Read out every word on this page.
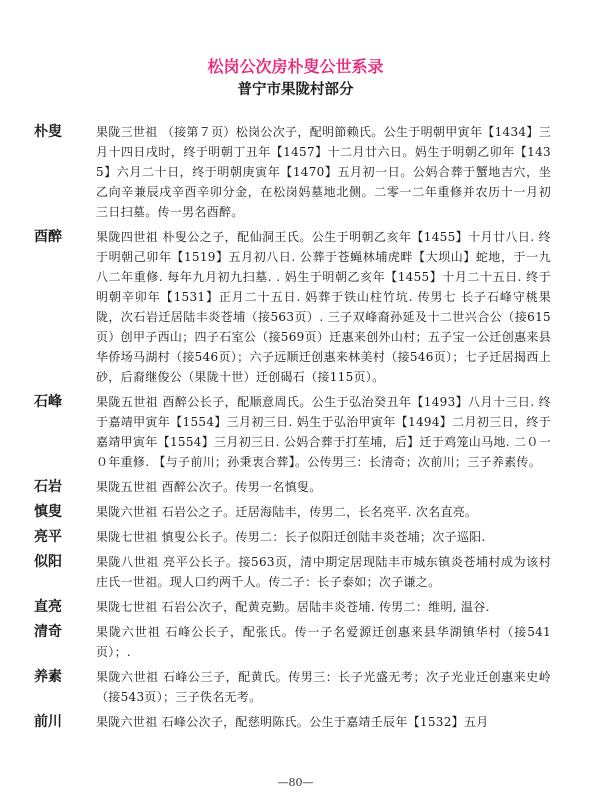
松岗公次房朴叟公世系录
普宁市果陇村部分
朴叟	果陇三世祖 （接第７页）松岗公次子，配明節赖氏。公生于明朝甲寅年【1434】三月十四日戌时，终于明朝丁丑年【1457】十二月廿六日。妈生于明朝乙卯年【1435】六月二十日，终于明朝庚寅年【1470】五月初一日。公妈合葬于蟹地吉穴，坐乙向辛兼辰戌辛酉辛卯分金，在松岗妈墓地北侧。二零一二年重修并农历十一月初三日扫墓。传一男名酉醉。
酉醉	果陇四世祖 朴叟公之子，配仙洞王氏。公生于明朝乙亥年【1455】十月廿八日. 终于明朝己卯年【1519】五月初八日. 公葬于苍蝇林埔虎畔【大坝山】蛇地，于一九 八二年重修. 每年九月初九扫墓. . 妈生于明朝乙亥年【1455】十月二十五日. 终于明朝辛卯年【1531】正月二十五日. 妈葬于铁山柱竹坑. 传男七 长子石峰守桃果陇，次石岩迁居陆丰炎苍埔（接563页）. 三子双峰裔孙延及十二世兴合公（接615页）创甲子西山；四子石室公（接569页）迁惠来创外山村；五子宝一公迁创惠来县华侨场马湖村（接546页）；六子远顺迁创惠来林美村（接546页）；七子迁居揭西上砂，后裔继俊公（果陇十世）迁创碣石（接115页）。
石峰	果陇五世祖 酉醉公长子，配顺意周氏。公生于弘治癸丑年【1493】八月十三日. 终于嘉靖甲寅年【1554】三月初三日. 妈生于弘治甲寅年【1494】二月初三日，终于嘉靖甲寅年【1554】三月初三日. 公妈合葬于打苼埔，后】迁于鸡笼山马地. 二０一０年重修. 【与子前川；孙秉衷合葬】。公传男三：长清奇；次前川；三子养素传。
石岩	果陇五世祖 酉醉公次子。传男一名慎叟。
慎叟	果陇六世祖 石岩公之子。迁居海陆丰，传男二，长名亮平. 次名直亮。
亮平	果陇七世祖 慎叟公长子。传男二：长子似阳迁创陆丰炎苍埔；次子巡阳.
似阳	果陇八世祖 亮平公长子。接563页，清中期定居现陆丰市城东镇炎苍埔村成为该村庄氏一世祖。现人口约两千人。传二子：长子泰如；次子谦之。
直亮	果陇七世祖 石岩公次子，配黄克勤。居陆丰炎苍埔. 传男二：维明, 温谷.
清奇	果陇六世祖 石峰公长子，配张氏。传一子名爱源迁创惠来县华湖镇华村（接541页）；.
养素	果陇六世祖 石峰公三子，配黄氏。传男三：长子光盛无考；次子光业迁创惠来史岭（接543页）；三子佚名无考。
前川	果陇六世祖 石峰公次子，配慈明陈氏。公生于嘉靖壬辰年【1532】五月
—80—
